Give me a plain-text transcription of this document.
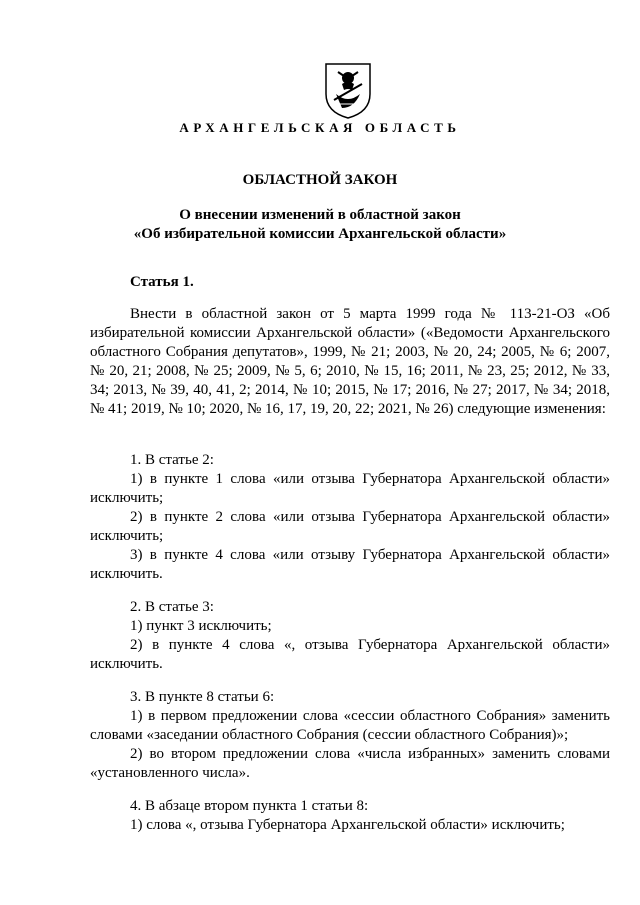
АРХАНГЕЛЬСКАЯ ОБЛАСТЬ
ОБЛАСТНОЙ ЗАКОН
О внесении изменений в областной закон
«Об избирательной комиссии Архангельской области»
Статья 1.
Внести в областной закон от 5 марта 1999 года № 113-21-ОЗ «Об избирательной комиссии Архангельской области» («Ведомости Архангельского областного Собрания депутатов», 1999, № 21; 2003, № 20, 24; 2005, № 6; 2007, № 20, 21; 2008, № 25; 2009, № 5, 6; 2010, № 15, 16; 2011, № 23, 25; 2012, № 33, 34; 2013, № 39, 40, 41, 2; 2014, № 10; 2015, № 17; 2016, № 27; 2017, № 34; 2018, № 41; 2019, № 10; 2020, № 16, 17, 19, 20, 22; 2021, № 26) следующие изменения:
1. В статье 2:
1) в пункте 1 слова «или отзыва Губернатора Архангельской области» исключить;
2) в пункте 2 слова «или отзыва Губернатора Архангельской области» исключить;
3) в пункте 4 слова «или отзыву Губернатора Архангельской области» исключить.
2. В статье 3:
1) пункт 3 исключить;
2) в пункте 4 слова «, отзыва Губернатора Архангельской области» исключить.
3. В пункте 8 статьи 6:
1) в первом предложении слова «сессии областного Собрания» заменить словами «заседании областного Собрания (сессии областного Собрания)»;
2) во втором предложении слова «числа избранных» заменить словами «установленного числа».
4. В абзаце втором пункта 1 статьи 8:
1) слова «, отзыва Губернатора Архангельской области» исключить;
